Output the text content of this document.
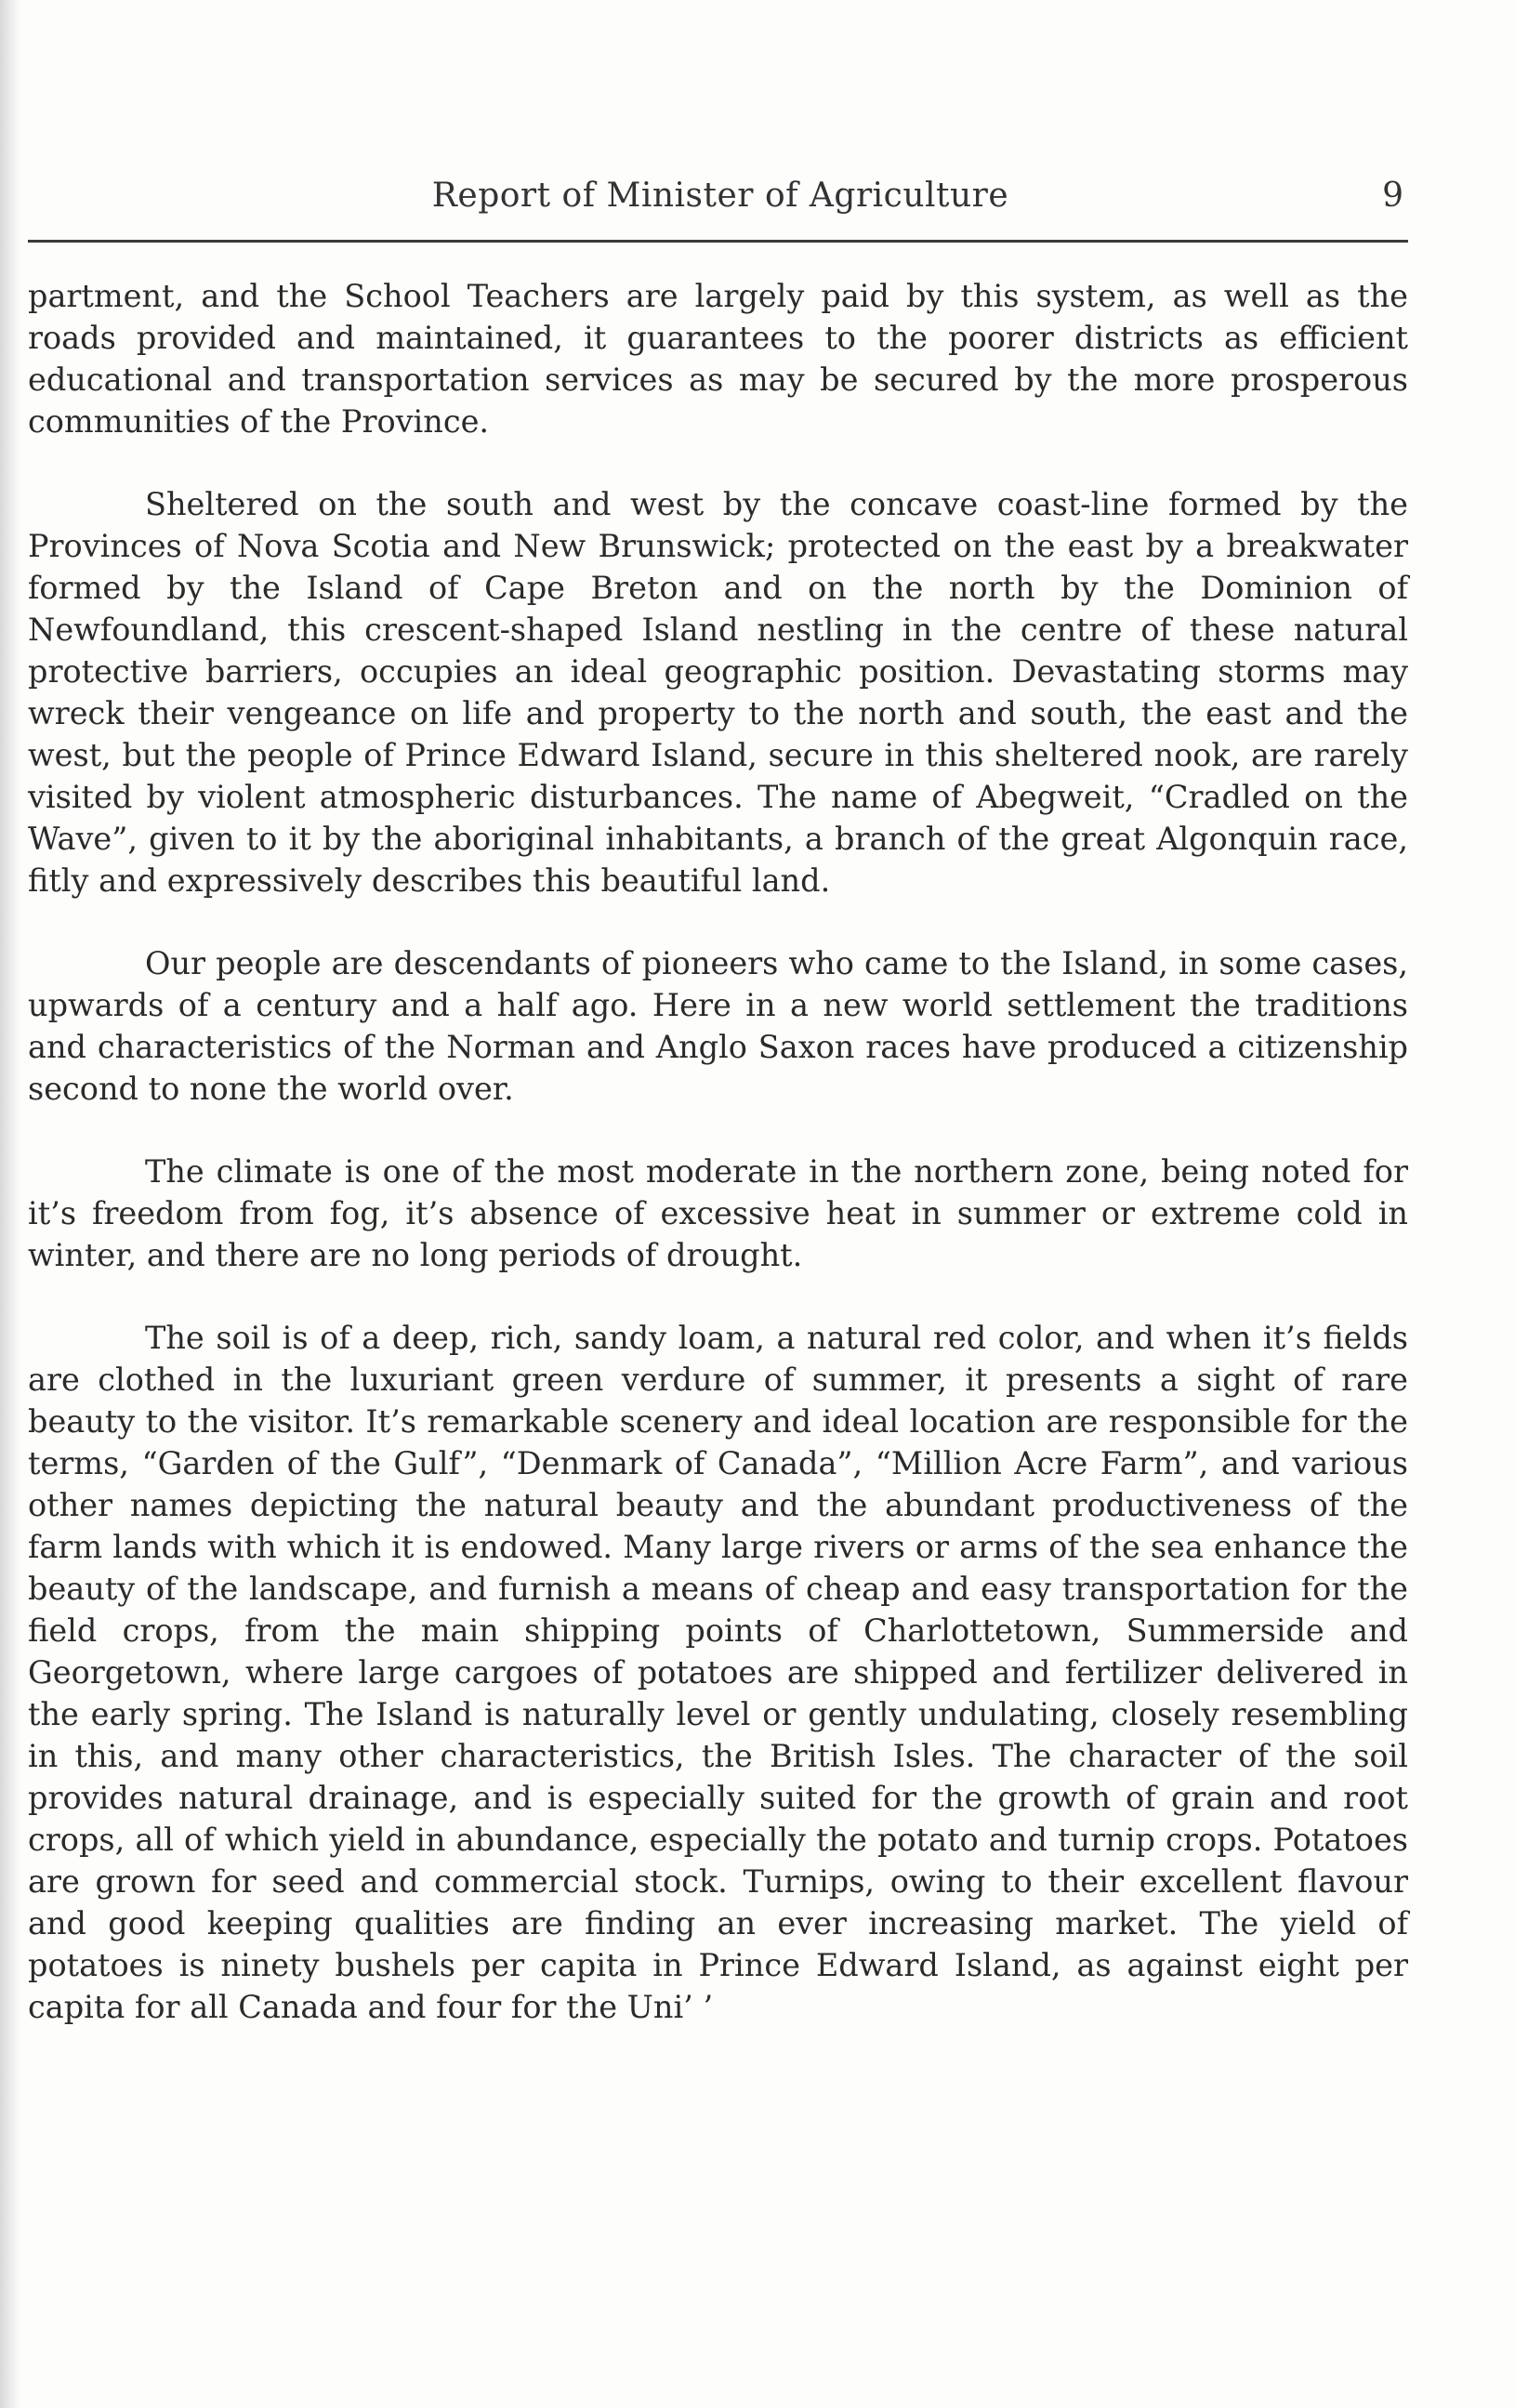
Report of Minister of Agriculture	9

partment, and the School Teachers are largely paid by this system, as well as the roads provided and maintained, it guarantees to the poorer districts as efficient educational and transportation services as may be secured by the more prosperous communities of the Province.

Sheltered on the south and west by the concave coast-line formed by the Provinces of Nova Scotia and New Brunswick; protected on the east by a breakwater formed by the Island of Cape Breton and on the north by the Dominion of Newfoundland, this crescent-shaped Island nestling in the centre of these natural protective barriers, occupies an ideal geographic position. Devastating storms may wreck their vengeance on life and property to the north and south, the east and the west, but the people of Prince Edward Island, secure in this sheltered nook, are rarely visited by violent atmospheric disturbances. The name of Abegweit, “Cradled on the Wave”, given to it by the aboriginal inhabitants, a branch of the great Algonquin race, fitly and expressively describes this beautiful land.

Our people are descendants of pioneers who came to the Island, in some cases, upwards of a century and a half ago. Here in a new world settlement the traditions and characteristics of the Norman and Anglo Saxon races have produced a citizenship second to none the world over.

The climate is one of the most moderate in the northern zone, being noted for it’s freedom from fog, it’s absence of excessive heat in summer or extreme cold in winter, and there are no long periods of drought.

The soil is of a deep, rich, sandy loam, a natural red color, and when it’s fields are clothed in the luxuriant green verdure of summer, it presents a sight of rare beauty to the visitor. It’s remarkable scenery and ideal location are responsible for the terms, “Garden of the Gulf”, “Denmark of Canada”, “Million Acre Farm”, and various other names depicting the natural beauty and the abundant productiveness of the farm lands with which it is endowed. Many large rivers or arms of the sea enhance the beauty of the landscape, and furnish a means of cheap and easy transportation for the field crops, from the main shipping points of Charlottetown, Summerside and Georgetown, where large cargoes of potatoes are shipped and fertilizer delivered in the early spring. The Island is naturally level or gently undulating, closely resembling in this, and many other characteristics, the British Isles. The character of the soil provides natural drainage, and is especially suited for the growth of grain and root crops, all of which yield in abundance, especially the potato and turnip crops. Potatoes are grown for seed and commercial stock. Turnips, owing to their excellent flavour and good keeping qualities are finding an ever increasing market. The yield of potatoes is ninety bushels per capita in Prince Edward Island, as against eight per capita for all Canada and four for the Uni’ ’
